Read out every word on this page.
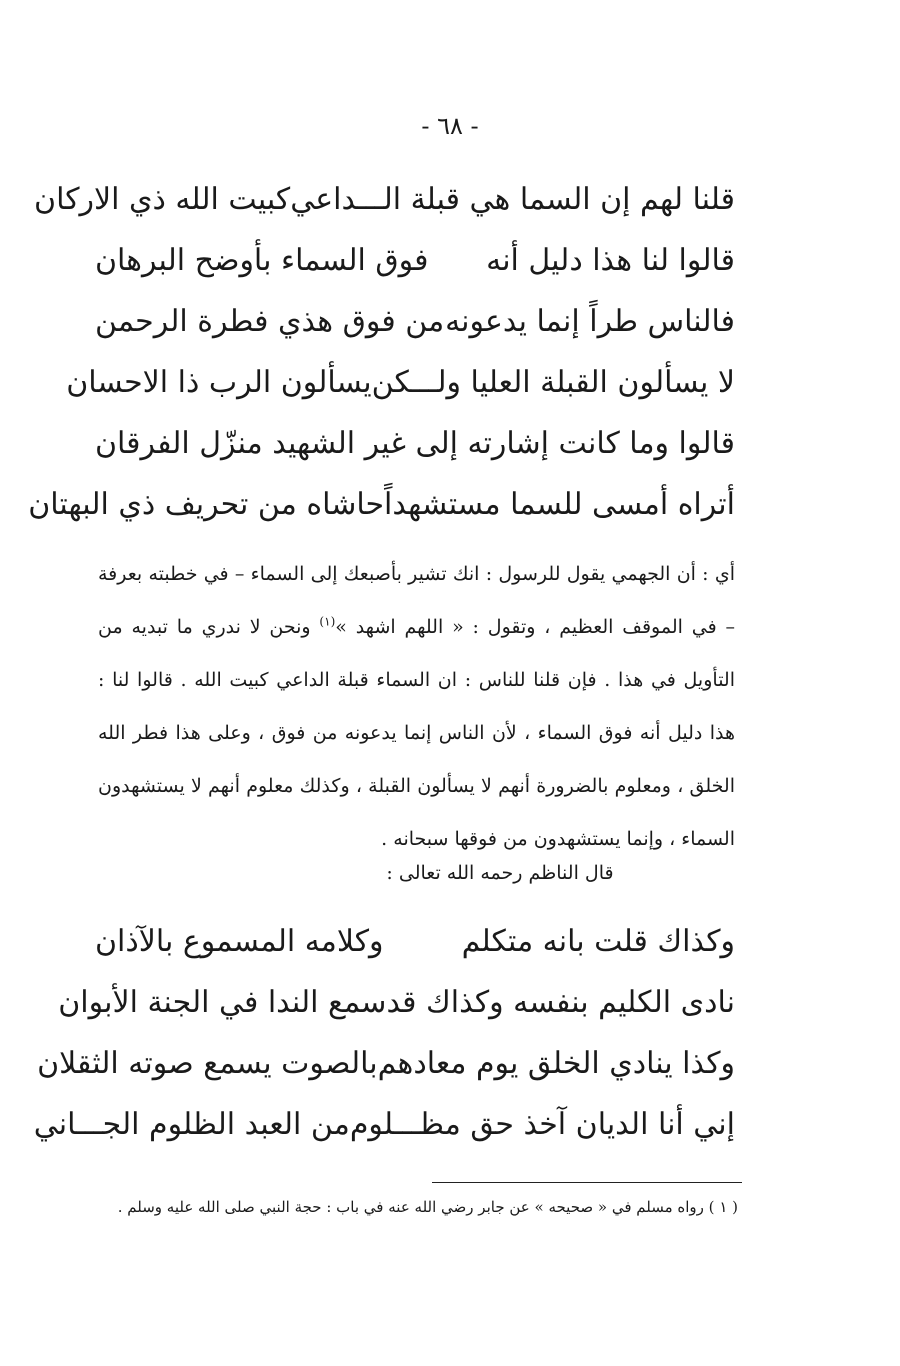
- ٦٨ -
قلنا لهم إن السما هي قبلة الـــداعي
كبيت الله ذي الاركان
قالوا لنا هذا دليل أنه
فوق السماء بأوضح البرهان
فالناس طراً إنما يدعونه
من فوق هذي فطرة الرحمن
لا يسألون القبلة العليا ولـــكن
يسألون الرب ذا الاحسان
قالوا وما كانت إشارته إلى
غير الشهيد منزّل الفرقان
أتراه أمسى للسما مستشهداً
حاشاه من تحريف ذي البهتان

أي : أن الجهمي يقول للرسول : انك تشير بأصبعك إلى السماء – في خطبته بعرفة – في الموقف العظيم ، وتقول : « اللهم اشهد »$^{(١)}$ ونحن لا ندري ما تبديه من التأويل في هذا . فإن قلنا للناس : ان السماء قبلة الداعي كبيت الله . قالوا لنا : هذا دليل أنه فوق السماء ، لأن الناس إنما يدعونه من فوق ، وعلى هذا فطر الله الخلق ، ومعلوم بالضرورة أنهم لا يسألون القبلة ، وكذلك معلوم أنهم لا يستشهدون السماء ، وإنما يستشهدون من فوقها سبحانه .

قال الناظم رحمه الله تعالى :
وكذاك قلت بانه متكلم
وكلامه المسموع بالآذان
نادى الكليم بنفسه وكذاك قد
سمع الندا في الجنة الأبوان
وكذا ينادي الخلق يوم معادهم
بالصوت يسمع صوته الثقلان
إني أنا الديان آخذ حق مظـــلوم
من العبد الظلوم الجـــاني
( ١ ) رواه مسلم في « صحيحه » عن جابر رضي الله عنه في باب : حجة النبي صلى الله عليه وسلم .
